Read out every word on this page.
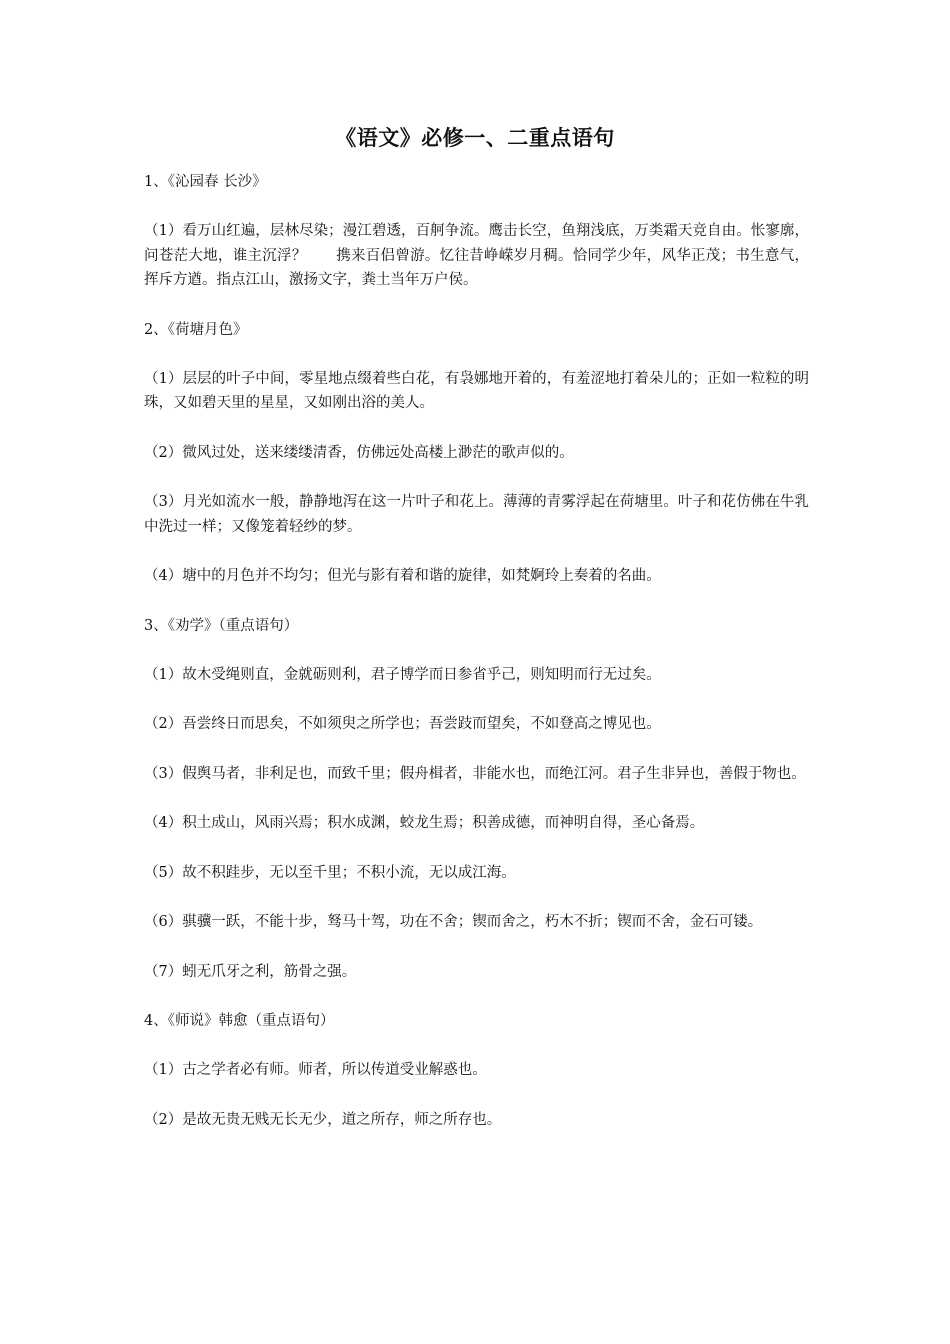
《语文》必修一、二重点语句
1、《沁园春 长沙》
（1）看万山红遍，层林尽染；漫江碧透，百舸争流。鹰击长空，鱼翔浅底，万类霜天竞自由。怅寥廓，问苍茫大地，谁主沉浮？　　携来百侣曾游。忆往昔峥嵘岁月稠。恰同学少年，风华正茂；书生意气，挥斥方遒。指点江山，激扬文字，粪土当年万户侯。
2、《荷塘月色》
（1）层层的叶子中间，零星地点缀着些白花，有袅娜地开着的，有羞涩地打着朵儿的；正如一粒粒的明珠，又如碧天里的星星，又如刚出浴的美人。
（2）微风过处，送来缕缕清香，仿佛远处高楼上渺茫的歌声似的。
（3）月光如流水一般，静静地泻在这一片叶子和花上。薄薄的青雾浮起在荷塘里。叶子和花仿佛在牛乳中洗过一样；又像笼着轻纱的梦。
（4）塘中的月色并不均匀；但光与影有着和谐的旋律，如梵婀玲上奏着的名曲。
3、《劝学》（重点语句）
（1）故木受绳则直，金就砺则利，君子博学而日参省乎己，则知明而行无过矣。
（2）吾尝终日而思矣，不如须臾之所学也；吾尝跂而望矣，不如登高之博见也。
（3）假舆马者，非利足也，而致千里；假舟楫者，非能水也，而绝江河。君子生非异也，善假于物也。
（4）积土成山，风雨兴焉；积水成渊，蛟龙生焉；积善成德，而神明自得，圣心备焉。
（5）故不积跬步，无以至千里；不积小流，无以成江海。
（6）骐骥一跃，不能十步，驽马十驾，功在不舍；锲而舍之，朽木不折；锲而不舍，金石可镂。
（7）蚓无爪牙之利，筋骨之强。
4、《师说》韩愈（重点语句）
（1）古之学者必有师。师者，所以传道受业解惑也。
（2）是故无贵无贱无长无少，道之所存，师之所存也。
